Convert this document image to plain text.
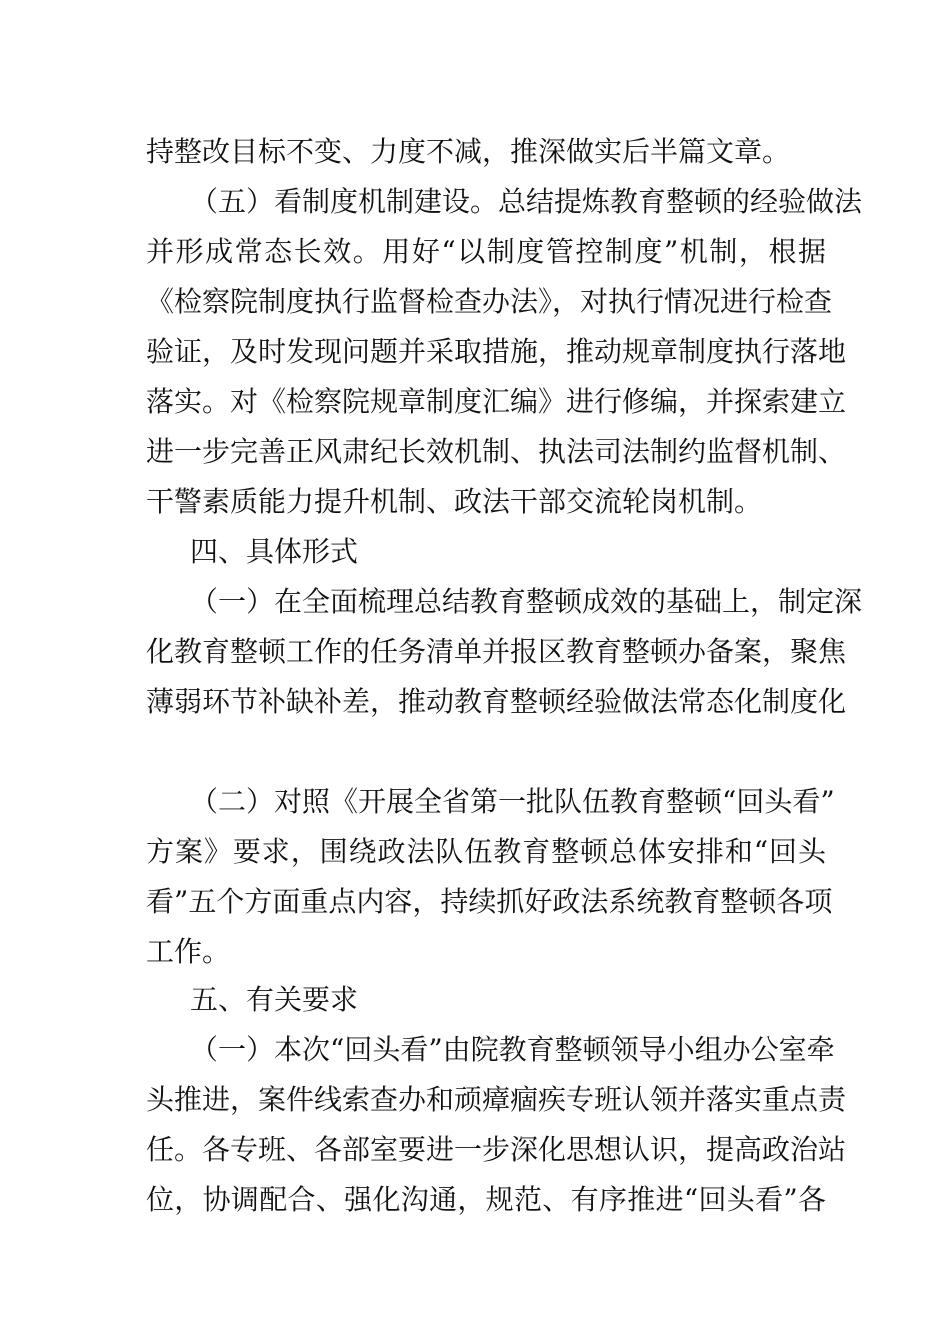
持整改目标不变、力度不减，推深做实后半篇文章。
（五）看制度机制建设。总结提炼教育整顿的经验做法
并形成常态长效。用好“以制度管控制度”机制，根据
《检察院制度执行监督检查办法》，对执行情况进行检查
验证，及时发现问题并采取措施，推动规章制度执行落地
落实。对《检察院规章制度汇编》进行修编，并探索建立
进一步完善正风肃纪长效机制、执法司法制约监督机制、
干警素质能力提升机制、政法干部交流轮岗机制。
四、具体形式
（一）在全面梳理总结教育整顿成效的基础上，制定深
化教育整顿工作的任务清单并报区教育整顿办备案，聚焦
薄弱环节补缺补差，推动教育整顿经验做法常态化制度化
（二）对照《开展全省第一批队伍教育整顿“回头看”
方案》要求，围绕政法队伍教育整顿总体安排和“回头
看”五个方面重点内容，持续抓好政法系统教育整顿各项
工作。
五、有关要求
（一）本次“回头看”由院教育整顿领导小组办公室牵
头推进，案件线索查办和顽瘴痼疾专班认领并落实重点责
任。各专班、各部室要进一步深化思想认识，提高政治站
位，协调配合、强化沟通，规范、有序推进“回头看”各
